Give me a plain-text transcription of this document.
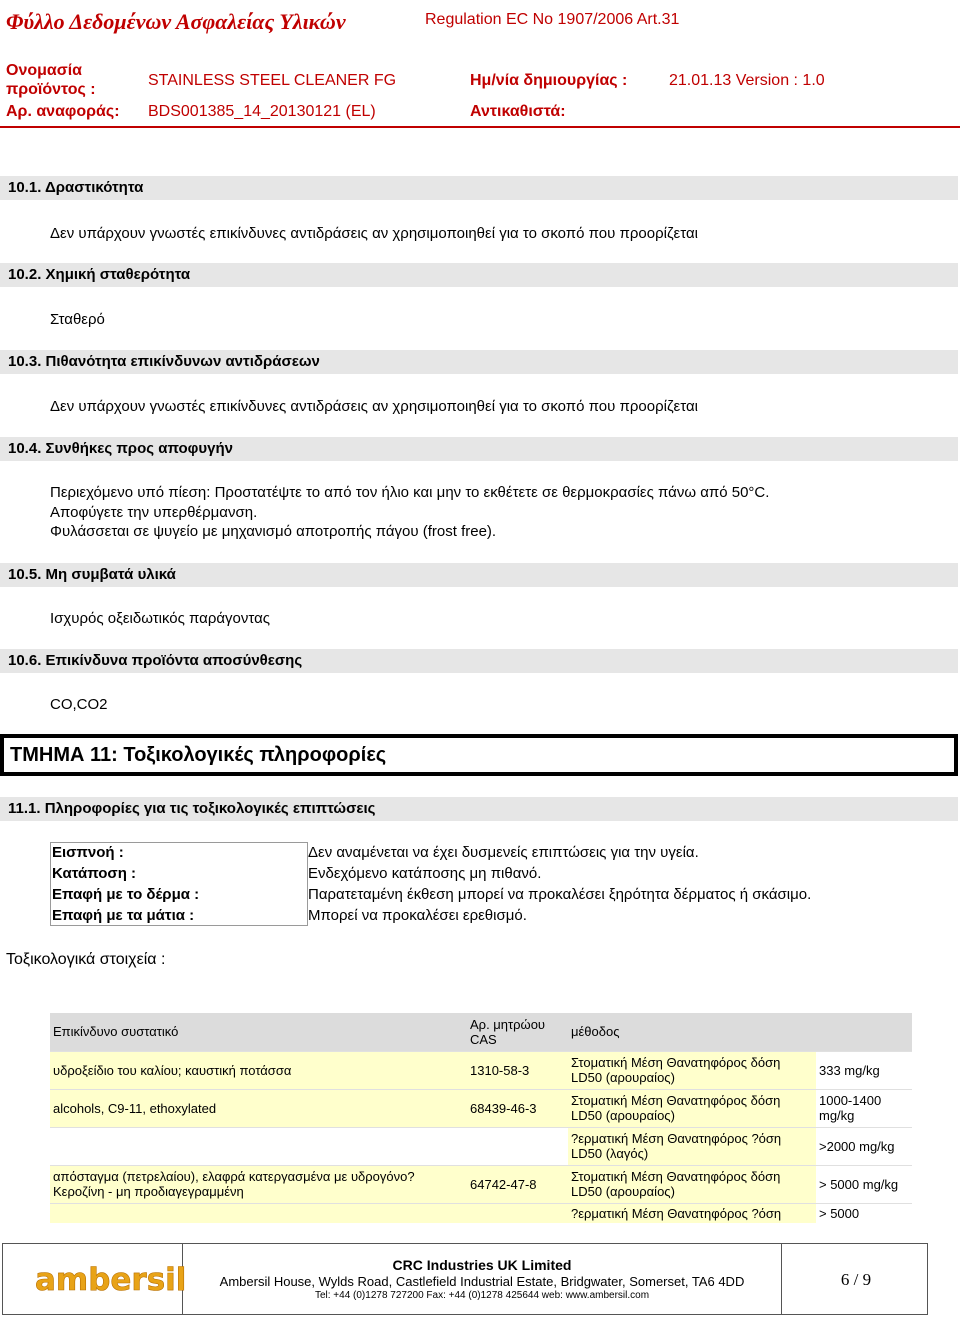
Φύλλο Δεδομένων Ασφαλείας Υλικών	Regulation EC No 1907/2006 Art.31
Ονομασία
προϊόντος :
STAINLESS STEEL CLEANER FG
Αρ. αναφοράς: BDS001385_14_20130121 (EL)
Ημ/νία δημιουργίας :	21.01.13 Version : 1.0
Αντικαθιστά:
10.1. Δραστικότητα
Δεν υπάρχουν γνωστές επικίνδυνες αντιδράσεις αν χρησιμοποιηθεί για το σκοπό που προορίζεται
10.2. Χημική σταθερότητα
Σταθερό
10.3. Πιθανότητα επικίνδυνων αντιδράσεων
Δεν υπάρχουν γνωστές επικίνδυνες αντιδράσεις αν χρησιμοποιηθεί για το σκοπό που προορίζεται
10.4. Συνθήκες προς αποφυγήν
Περιεχόμενο υπό πίεση: Προστατέψτε το από τον ήλιο και μην το εκθέτετε σε θερμοκρασίες πάνω από 50°C.
Αποφύγετε την υπερθέρμανση.
Φυλάσσεται σε ψυγείο με μηχανισμό αποτροπής πάγου (frost free).
10.5. Μη συμβατά υλικά
Ισχυρός οξειδωτικός παράγοντας
10.6. Επικίνδυνα προϊόντα αποσύνθεσης
CO,CO2
ΤΜΗΜΑ 11: Τοξικολογικές πληροφορίες
11.1. Πληροφορίες για τις τοξικολογικές επιπτώσεις
Εισπνοή :	Δεν αναμένεται να έχει δυσμενείς επιπτώσεις για την υγεία.
Κατάποση :	Ενδεχόμενο κατάποσης μη πιθανό.
Επαφή με το δέρμα :	Παρατεταμένη έκθεση μπορεί να προκαλέσει ξηρότητα δέρματος ή σκάσιμο.
Επαφή με τα μάτια :	Μπορεί να προκαλέσει ερεθισμό.
Τοξικολογικά στοιχεία :
Επικίνδυνο συστατικό	Αρ. μητρώου CAS	μέθοδος	
υδροξείδιο του καλίου; καυστική ποτάσσα	1310-58-3	Στοματική Μέση Θανατηφόρος δόση LD50 (αρουραίος)	333 mg/kg
alcohols, C9-11, ethoxylated	68439-46-3	Στοματική Μέση Θανατηφόρος δόση LD50 (αρουραίος)	1000-1400 mg/kg
		?ερματική Μέση Θανατηφόρος ?όση LD50 (λαγός)	>2000 mg/kg
απόσταγμα (πετρελαίου), ελαφρά κατεργασμένα με υδρογόνο? Κεροζίνη - μη προδιαγεγραμμένη	64742-47-8	Στοματική Μέση Θανατηφόρος δόση LD50 (αρουραίος)	> 5000 mg/kg
		?ερματική Μέση Θανατηφόρος ?όση	> 5000
ambersil	CRC Industries UK Limited
Ambersil House, Wylds Road, Castlefield Industrial Estate, Bridgwater, Somerset, TA6 4DD
Tel: +44 (0)1278 727200 Fax: +44 (0)1278 425644 web: www.ambersil.com
6 / 9
